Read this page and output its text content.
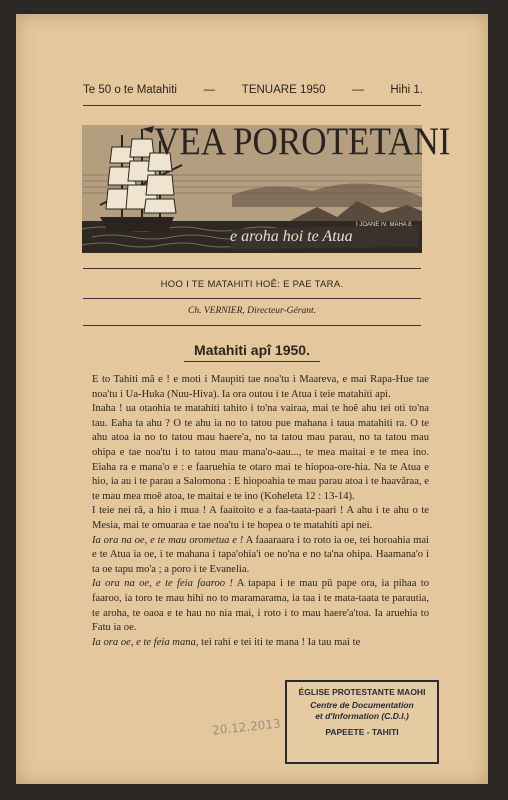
Te 50 o te Matahiti — TENUARE 1950 — Hihi 1.
VEA POROTETANI
I JOANE IV. MAHA 8
e aroha hoi te Atua
HOO I TE MATAHITI HOÊ: E PAE TARA.
Ch. VERNIER, Directeur-Gérant.
Matahiti apî 1950.

E to Tahiti mâ e ! e moti i Maupiti tae noa'tu i Maareva, e mai Rapa-Hue tae noa'tu i Ua-Huka (Nuu-Hiva). Ia ora outou i te Atua i teie matahiti api.

Inaha ! ua otaohia te matahiti tahito i to'na vairaa, mai te hoê ahu tei oti to'na tau. Eaha ta ahu ? O te ahu ia no to tatou pue mahana i taua matahiti ra. O te ahu atoa ia no to tatou mau haere'a, no ta tatou mau parau, no ta tatou mau ohipa e tae noa'tu i to tatou mau mana'o-aau..., te mea maitai e te mea ino. Eiaha ra e mana'o e : e faaruehia te otaro mai te hiopoa-ore-hia. Na te Atua e hio, ia au i te parau a Salomona : E hiopoahia te mau parau atoa i te haavâraa, e te mau mea moê atoa, te maitai e te ino (Koheleta 12 : 13-14).

I teie nei râ, a hio i mua ! A faaitoito e a faa-taata-paari ! A ahu i te ahu o te Mesia, mai te omuaraa e tae noa'tu i te hopea o te matahiti api nei.

Ia ora na oe, e te mau orometua e ! A faaaraara i to roto ia oe, tei horoahia mai e te Atua ia oe, i te mahana i tapa'ohia'i oe no'na e no ta'na ohipa. Haamana'o i ta oe tapu mo'a ; a poro i te Evanelia.

Ia ora na oe, e te feia faaroo ! A tapapa i te mau pû pape ora, ia pihaa to faaroo, ia toro te mau hihi no to maramarama, ia taa i te mata-taata te parautia, te aroha, te oaoa e te hau no nia mai, i roto i to mau haere'a'toa. Ia aruehia to Fatu ia oe.

Ia ora oe, e te feia mana, tei rahi e tei iti te mana ! Ia tau mai te

20.12.2013
ÉGLISE PROTESTANTE MAOHI
Centre de Documentation
et d'Information (C.D.I.)
PAPEETE - TAHITI
